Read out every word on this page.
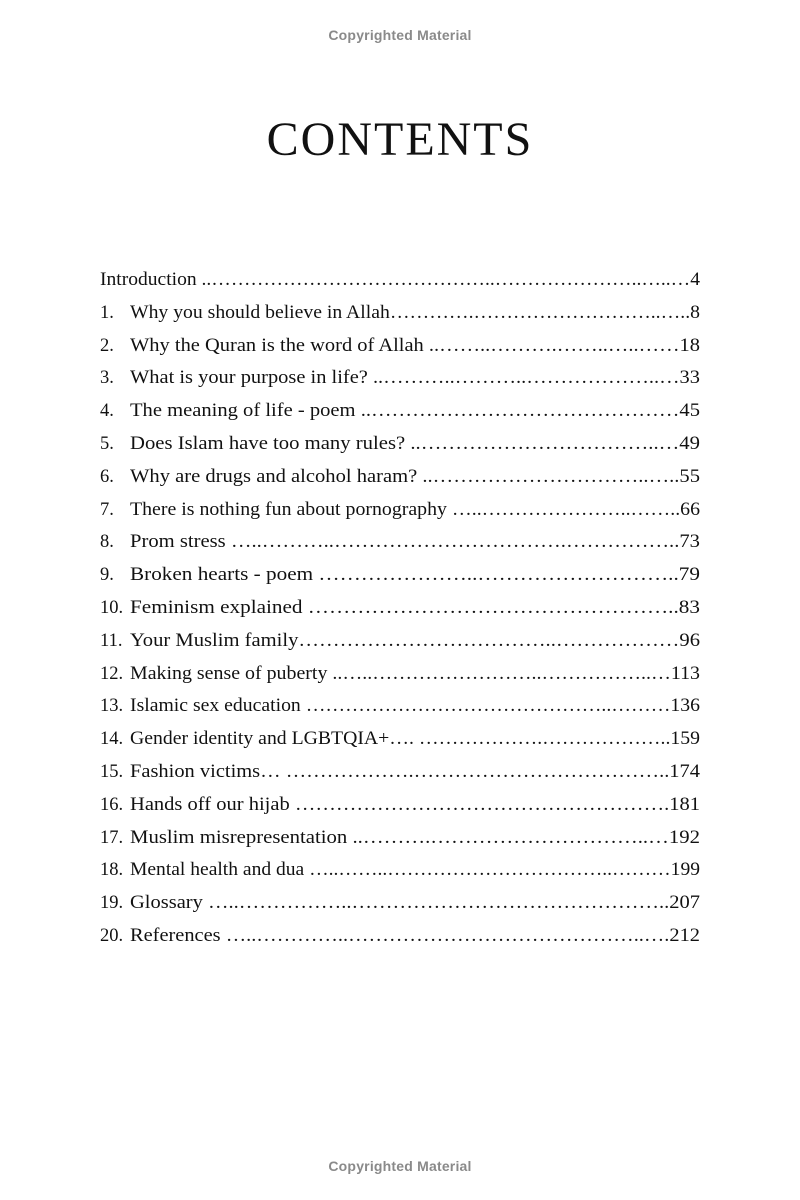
Copyrighted Material
CONTENTS
Introduction ..……………………………………..…………………..…..…4
1. Why you should believe in Allah………….………………………..…..8
2. Why the Quran is the word of Allah ..……..……….……..…..……18
3. What is your purpose in life? ..………..………..………………..…33
4. The meaning of life - poem ..………………………………………45
5. Does Islam have too many rules? ..……………………………..…49
6. Why are drugs and alcohol haram? ..…………………………..…..55
7. There is nothing fun about pornography …..…………………..……..66
8. Prom stress …..………..…………………………….……………..73
9. Broken hearts - poem …………………..………………………..79
10. Feminism explained ……………………………………………..83
11. Your Muslim family………………………………..………………96
12. Making sense of puberty ..…..……………………..……………..…113
13. Islamic sex education ………………………………………..………136
14. Gender identity and LGBTQIA+…. ……………….………………..159
15. Fashion victims… ……………….………………………………..174
16. Hands off our hijab ……………………………………………….181
17. Muslim misrepresentation ..……….…………………………..…192
18. Mental health and dua …..……..……………………………..………199
19. Glossary …..……………..………………………………………..207
20. References …..…………..……………………………………..….212
Copyrighted Material
